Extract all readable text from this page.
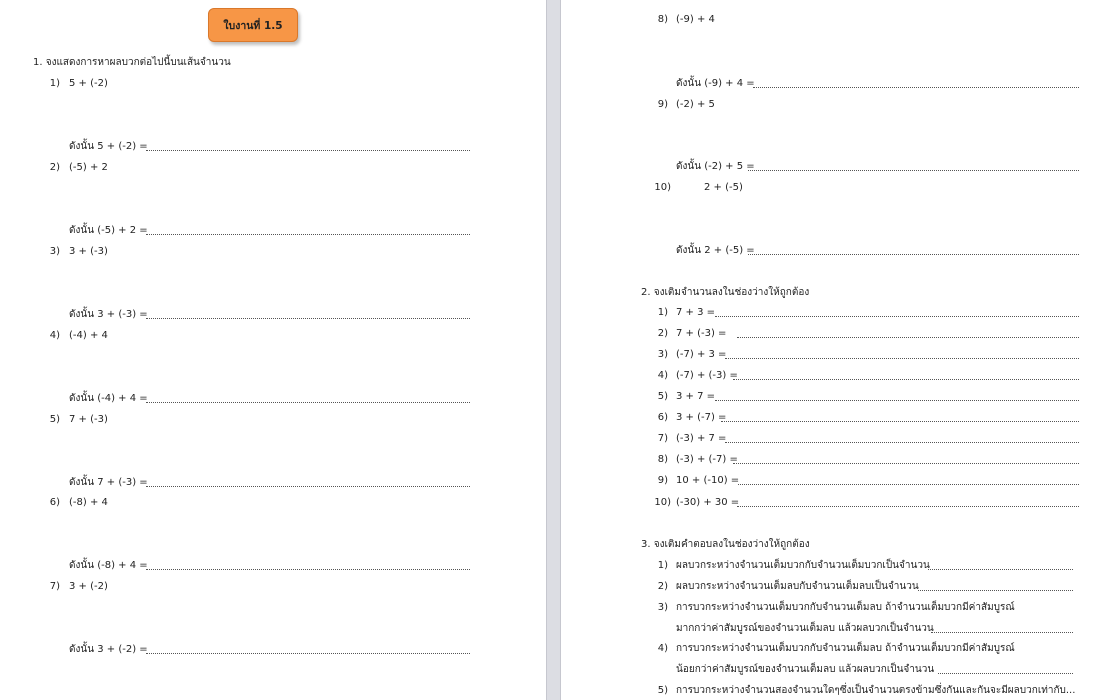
ใบงานที่ 1.5
1. จงแสดงการหาผลบวกต่อไปนี้บนเส้นจำนวน
1) 5 + (-2)
ดังนั้น 5 + (-2) =
2) (-5) + 2
ดังนั้น (-5) + 2 =
3) 3 + (-3)
ดังนั้น 3 + (-3) =
4) (-4) + 4
ดังนั้น (-4) + 4 =
5) 7 + (-3)
ดังนั้น 7 + (-3) =
6) (-8) + 4
ดังนั้น (-8) + 4 =
7) 3 + (-2)
ดังนั้น 3 + (-2) =
8) (-9) + 4
ดังนั้น (-9) + 4 =
9) (-2) + 5
ดังนั้น (-2) + 5 =
10)	2 + (-5)
ดังนั้น 2 + (-5) =
2. จงเติมจำนวนลงในช่องว่างให้ถูกต้อง
1) 7 + 3 =
2) 7 + (-3) =
3) (-7) + 3 =
4) (-7) + (-3) =
5) 3 + 7 =
6) 3 + (-7) =
7) (-3) + 7 =
8) (-3) + (-7) =
9) 10 + (-10) =
10) (-30) + 30 =
3. จงเติมคำตอบลงในช่องว่างให้ถูกต้อง
1) ผลบวกระหว่างจำนวนเต็มบวกกับจำนวนเต็มบวกเป็นจำนวน
2) ผลบวกระหว่างจำนวนเต็มลบกับจำนวนเต็มลบเป็นจำนวน
3) การบวกระหว่างจำนวนเต็มบวกกับจำนวนเต็มลบ ถ้าจำนวนเต็มบวกมีค่าสัมบูรณ์
มากกว่าค่าสัมบูรณ์ของจำนวนเต็มลบ แล้วผลบวกเป็นจำนวน
4) การบวกระหว่างจำนวนเต็มบวกกับจำนวนเต็มลบ ถ้าจำนวนเต็มบวกมีค่าสัมบูรณ์
น้อยกว่าค่าสัมบูรณ์ของจำนวนเต็มลบ แล้วผลบวกเป็นจำนวน
5) การบวกระหว่างจำนวนสองจำนวนใดๆซึ่งเป็นจำนวนตรงข้ามซึ่งกันและกันจะมีผลบวกเท่ากับ...
